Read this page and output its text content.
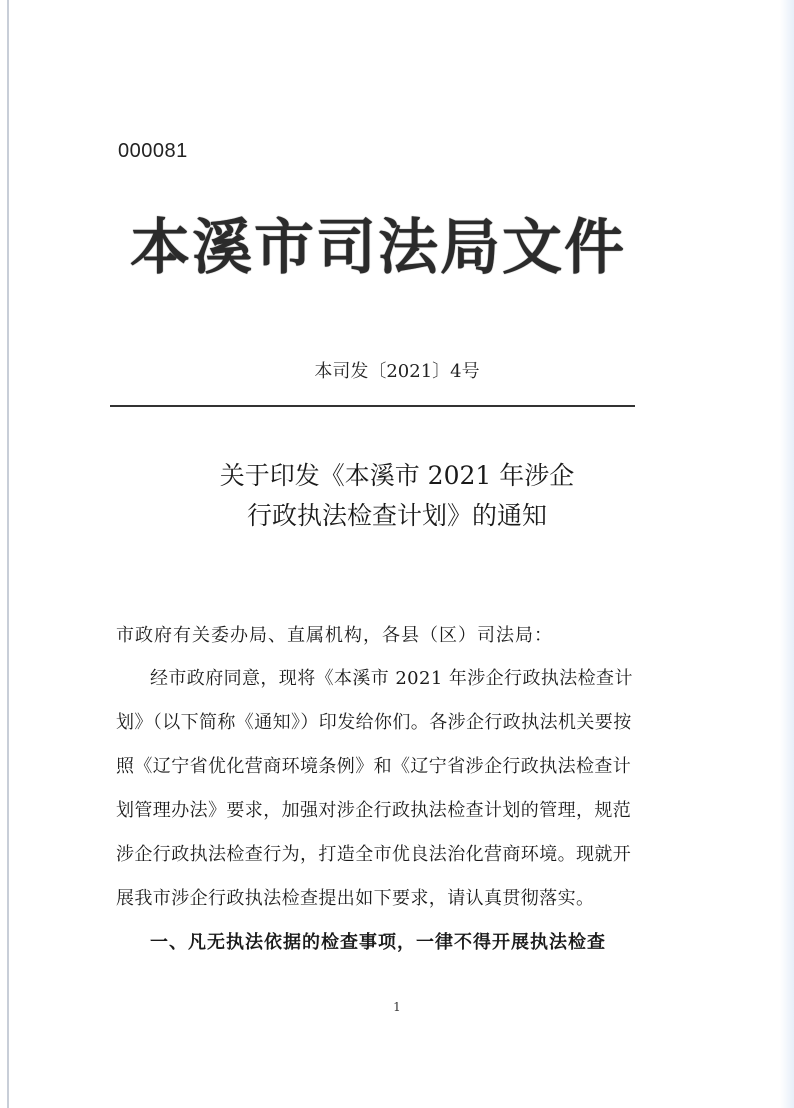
000081
本溪市司法局文件
本司发〔2021〕4号
关于印发《本溪市 2021 年涉企
行政执法检查计划》的通知
市政府有关委办局、直属机构，各县（区）司法局：
经市政府同意，现将《本溪市 2021 年涉企行政执法检查计
划》（以下简称《通知》）印发给你们。各涉企行政执法机关要按
照《辽宁省优化营商环境条例》和《辽宁省涉企行政执法检查计
划管理办法》要求，加强对涉企行政执法检查计划的管理，规范
涉企行政执法检查行为，打造全市优良法治化营商环境。现就开
展我市涉企行政执法检查提出如下要求，请认真贯彻落实。
一、凡无执法依据的检查事项，一律不得开展执法检查
1
